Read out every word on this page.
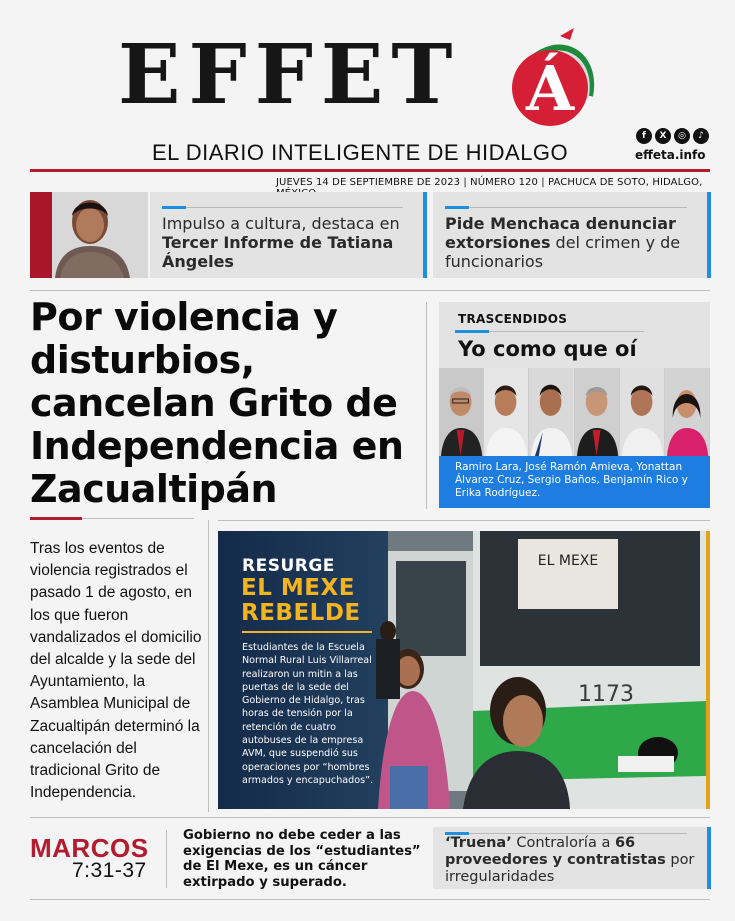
EFFET Á
EL DIARIO INTELIGENTE DE HIDALGO
f	X	◎	♪
effeta.info
JUEVES 14 DE SEPTIEMBRE DE 2023 | NÚMERO 120 | PACHUCA DE SOTO, HIDALGO,
Impulso a cultura, destaca en Tercer Informe de Tatiana Ángeles
Pide Menchaca denunciar extorsiones del crimen y de funcionarios
Por violencia y disturbios, cancelan Grito de Independencia en Zacualtipán
TRASCENDIDOS
Yo como que oí
Ramiro Lara, José Ramón Amieva, Yonattan Álvarez Cruz, Sergio Baños, Benjamín Rico y Erika Rodríguez.
Tras los eventos de violencia registrados el pasado 1 de agosto, en los que fueron vandalizados el domicilio del alcalde y la sede del Ayuntamiento, la Asamblea Municipal de Zacualtipán determinó la cancelación del tradicional Grito de Independencia.
EL MEXE
1173
RESURGE
EL MEXE
REBELDE
Estudiantes de la Escuela Normal Rural Luis Villarreal realizaron un mitin a las puertas de la sede del Gobierno de Hidalgo, tras horas de tensión por la retención de cuatro autobuses de la empresa AVM, que suspendió sus operaciones por “hombres armados y encapuchados”.
MARCOS
7:31-37
Gobierno no debe ceder a las exigencias de los “estudiantes” de El Mexe, es un cáncer extirpado y superado.
‘Truena’ Contraloría a 66 proveedores y contratistas por irregularidades
